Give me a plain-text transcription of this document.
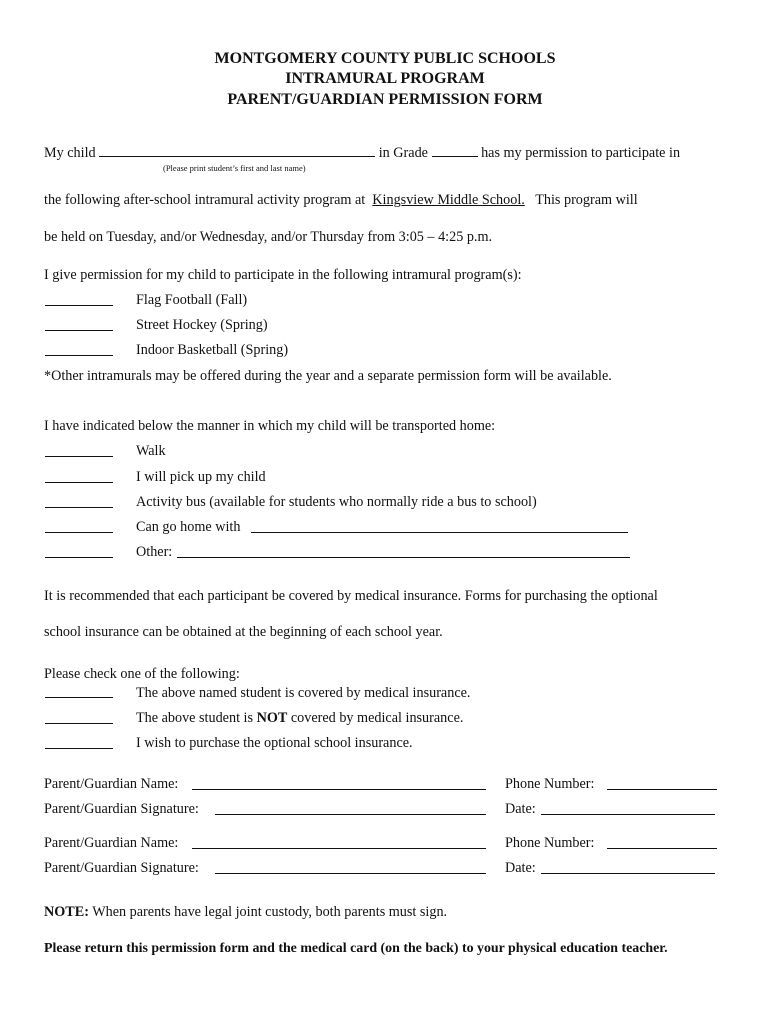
MONTGOMERY COUNTY PUBLIC SCHOOLS
INTRAMURAL PROGRAM
PARENT/GUARDIAN PERMISSION FORM
My child	in Grade	has my permission to participate in
(Please print student’s first and last name)
the following after-school intramural activity program at Kingsview Middle School. This program will
be held on Tuesday, and/or Wednesday, and/or Thursday from 3:05 – 4:25 p.m.
I give permission for my child to participate in the following intramural program(s):
Flag Football (Fall)
Street Hockey (Spring)
Indoor Basketball (Spring)
*Other intramurals may be offered during the year and a separate permission form will be available.
I have indicated below the manner in which my child will be transported home:
Walk
I will pick up my child
Activity bus (available for students who normally ride a bus to school)
Can go home with
Other:
It is recommended that each participant be covered by medical insurance. Forms for purchasing the optional
school insurance can be obtained at the beginning of each school year.
Please check one of the following:
The above named student is covered by medical insurance.
The above student is NOT covered by medical insurance.
I wish to purchase the optional school insurance.
Parent/Guardian Name:	Phone Number:
Parent/Guardian Signature:	Date:
Parent/Guardian Name:	Phone Number:
Parent/Guardian Signature:	Date:
NOTE: When parents have legal joint custody, both parents must sign.
Please return this permission form and the medical card (on the back) to your physical education teacher.
